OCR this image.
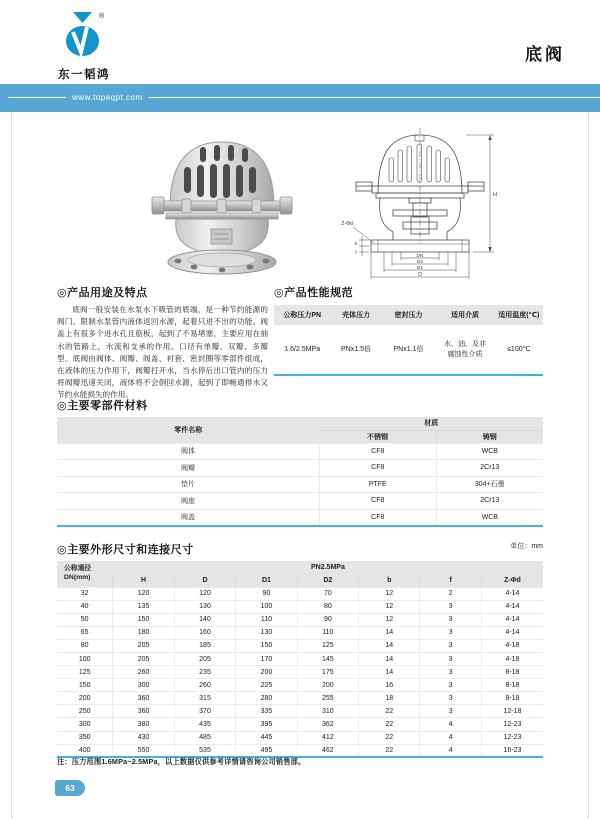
®
东一韬鸿
底阀
www.topeqpt.com
H
Z-Φd
b
f
DN
D2
D1
D
◎产品用途及特点

底阀一般安装在水泵水下吸管的底端，是一种节约能源的阀门。限制水泵管内液体返回水源，起着只进不出的功能。阀盖上有很多个进水孔且筋板，起到了不易堵塞，主要应用在抽水的管路上，水流和支承的作用。口径有单瓣、双瓣、多瓣型。底阀由阀体、阀瓣、阀盖、衬套、密封圈等零部件组成，在液体的压力作用下，阀瓣打开水，当水停后出口管内的压力将阀瓣迅速关闭，液体将不会倒回水源，起到了即畅通排水又节约水能损失的作用。

◎产品性能规范
公称压力PN	壳体压力	密封压力	适用介质	适用温度(℃)
1.6/2.5MPa	PNx1.5倍	PNx1.1倍	水、油、及非
腐蚀性介质	≤100℃
◎主要零部件材料
零件名称	材质	
	不锈钢	铸钢
阀体	CF8	WCB
阀瓣	CF8	2Cr13
垫片	PTFE	304+石墨
阀座	CF8	2Cr13
阀盖	CF8	WCB
◎主要外形尺寸和连接尺寸	单位：mm
公称通径
DN(mm)	PN2.5MPa						
	H	D	D1	D2	b	f	Z-Φd
32	120	120	90	70	12	2	4-14
40	135	130	100	80	12	3	4-14
50	150	140	110	90	12	3	4-14
65	180	160	130	110	14	3	4-14
80	205	185	150	125	14	3	4-18
100	205	205	170	145	14	3	4-18
125	260	235	200	175	14	3	8-18
150	300	260	225	200	16	3	8-18
200	360	315	280	255	18	3	8-18
250	360	370	335	310	22	3	12-18
300	380	435	395	362	22	4	12-23
350	430	485	445	412	22	4	12-23
400	550	535	495	462	22	4	16-23
注：压力范围1.6MPa~2.5MPa，以上数据仅供参考详情请咨询公司销售部。
63
